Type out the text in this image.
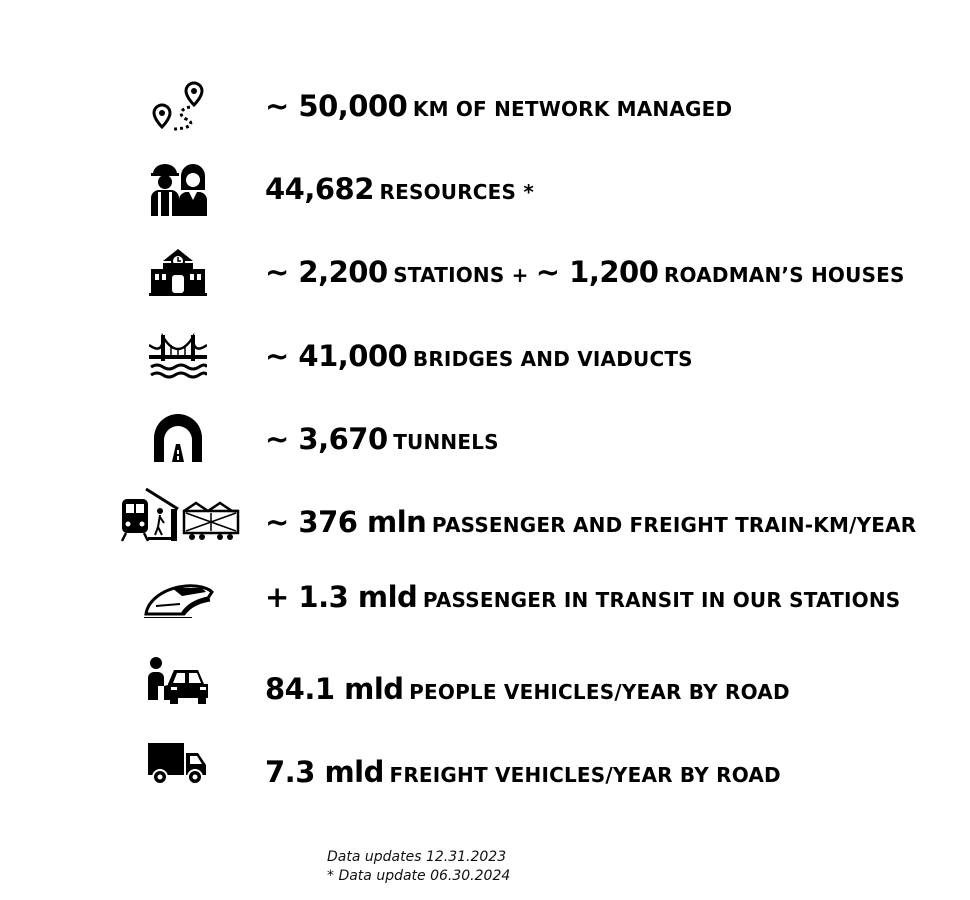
~ 50,000 KM OF NETWORK MANAGED
44,682 RESOURCES *
~ 2,200 STATIONS + ~ 1,200 ROADMAN’S HOUSES
~ 41,000 BRIDGES AND VIADUCTS
~ 3,670 TUNNELS
~ 376 mln PASSENGER AND FREIGHT TRAIN-KM/YEAR
+ 1.3 mld PASSENGER IN TRANSIT IN OUR STATIONS
84.1 mld PEOPLE VEHICLES/YEAR BY ROAD
7.3 mld FREIGHT VEHICLES/YEAR BY ROAD
Data updates 12.31.2023
* Data update 06.30.2024
